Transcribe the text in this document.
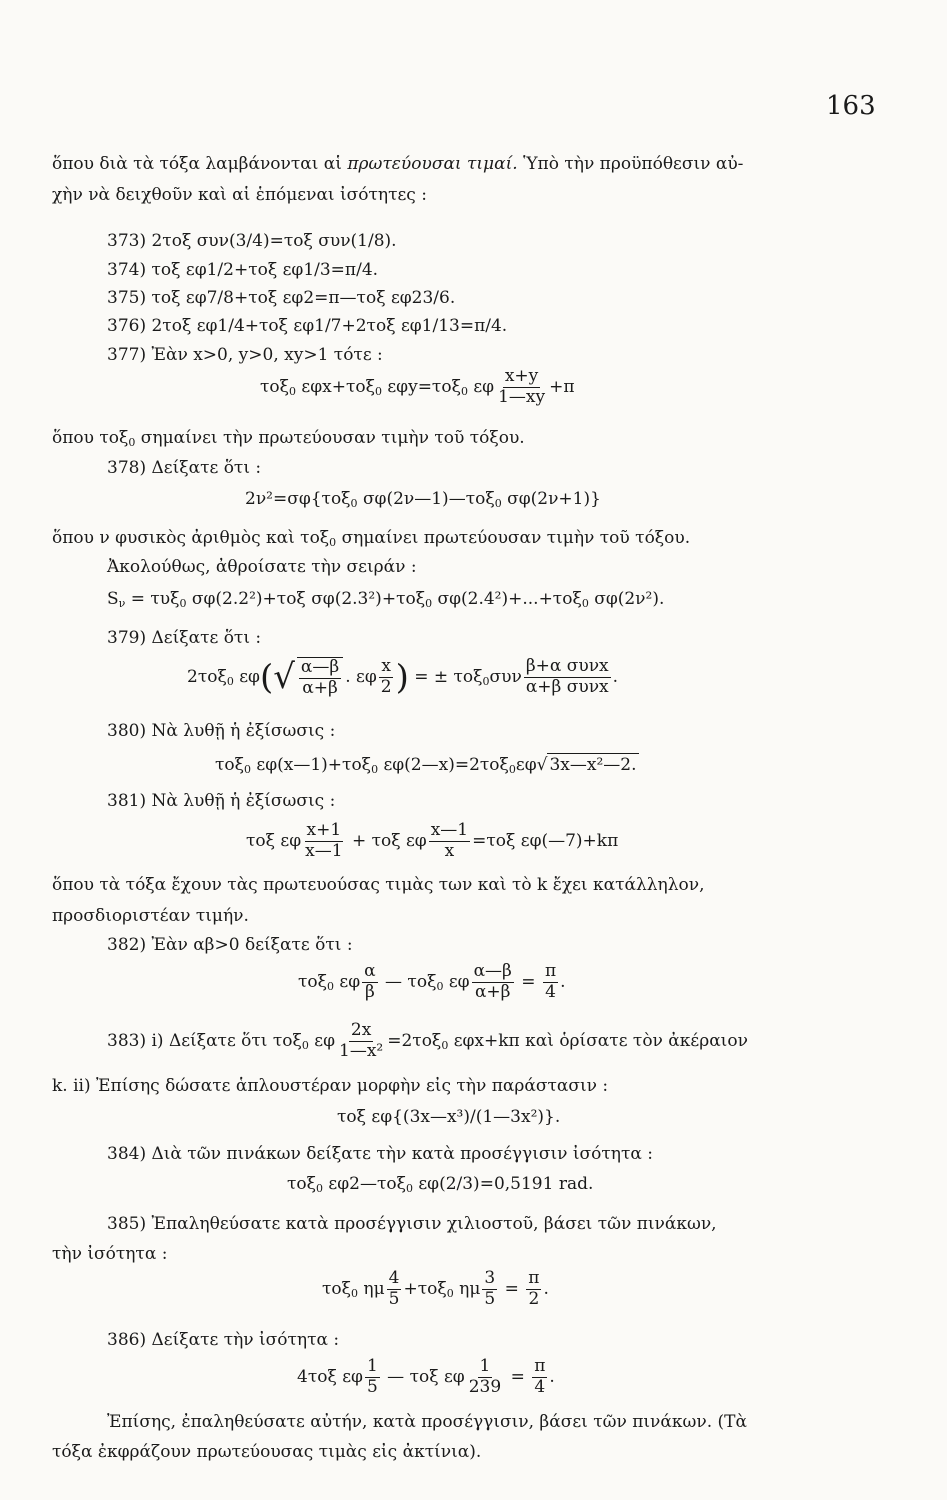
163
ὅπου διὰ τὰ τόξα λαμβάνονται αἱ πρωτεύουσαι τιμαί. Ὑπὸ τὴν προϋπόθεσιν αὐ-
χὴν νὰ δειχθοῦν καὶ αἱ ἑπόμεναι ἰσότητες :
373) 2τοξ συν(3/4)=τοξ συν(1/8).
374) τοξ εφ1/2+τοξ εφ1/3=π/4.
375) τοξ εφ7/8+τοξ εφ2=π—τοξ εφ23/6.
376) 2τοξ εφ1/4+τοξ εφ1/7+2τοξ εφ1/13=π/4.
377) Ἐὰν x>0, y>0, xy>1 τότε :
τοξ$_0$ εφx+τοξ$_0$ εφy=τοξ$_0$ εφ $\frac{x+y}{1—xy} +\pi$
ὅπου τοξ$_0$ σημαίνει τὴν πρωτεύουσαν τιμὴν τοῦ τόξου.
378) Δείξατε ὅτι :
2ν²=σφ{τοξ$_0$ σφ(2ν—1)—τοξ$_0$ σφ(2ν+1)}
ὅπου ν φυσικὸς ἀριθμὸς καὶ τοξ$_0$ σημαίνει πρωτεύουσαν τιμὴν τοῦ τόξου.
Ἀκολούθως, ἀθροίσατε τὴν σειράν :
$S_\nu = \tau\upsilon\xi_0$ σφ(2.2²)+τοξ σφ(2.3²)+τοξ$_0$ σφ(2.4²)+...+τοξ$_0$ σφ(2ν²).
379) Δείξατε ὅτι :
2τοξ$_0$ εφ( √ $\frac{\alpha—\beta}{\alpha+\beta}$ . εφ $\frac{x}{2}$ ) = ± $\tau o\xi_0\sigma\upsilon\nu \frac{\text{β+α συνx}}{\text{α+β συνx}}$ .
380) Νὰ λυθῇ ἡ ἐξίσωσις :
τοξ$_0$ εφ(x—1)+τοξ$_0$ εφ(2—x)=2τοξ$_0$εφ√ 3x—x²—2.
381) Νὰ λυθῇ ἡ ἐξίσωσις :
τοξ εφ $\frac{x+1}{x—1} + \tau o\xi$ εφ $\frac{x—1}{x} =\tau o\xi$ εφ(—7)+kπ
ὅπου τὰ τόξα ἔχουν τὰς πρωτευούσας τιμὰς των καὶ τὸ k ἔχει κατάλληλον,
προσδιοριστέαν τιμήν.
382) Ἐὰν αβ>0 δείξατε ὅτι :
τοξ$_0$ εφ $\frac{\alpha}{\beta}$ — τοξ$_0$ εφ $\frac{\alpha—\beta}{\alpha+\beta} = \frac{\pi}{4}$ .
383) i) Δείξατε ὅτι τοξ$_0$ εφ $\frac{2x}{\text{1—x²}} =2\tau o\xi_0$ εφx+kπ καὶ ὁρίσατε τὸν ἀκέραιον
k. ii) Ἐπίσης δώσατε ἁπλουστέραν μορφὴν εἰς τὴν παράστασιν :
τοξ εφ{(3x—x³)/(1—3x²)}.
384) Διὰ τῶν πινάκων δείξατε τὴν κατὰ προσέγγισιν ἰσότητα :
τοξ$_0$ εφ2—τοξ$_0$ εφ(2/3)=0,5191 rad.
385) Ἐπαληθεύσατε κατὰ προσέγγισιν χιλιοστοῦ, βάσει τῶν πινάκων,
τὴν ἰσότητα :
τοξ$_0$ ημ $\frac{4}{5} +\tau o\xi_0$ ημ $\frac{3}{5} = \frac{\pi}{2}$ .
386) Δείξατε τὴν ἰσότητα :
4τοξ εφ $\frac{1}{5}$ — τοξ εφ $\frac{1}{239} = \frac{\pi}{4}$ .
Ἐπίσης, ἐπαληθεύσατε αὐτήν, κατὰ προσέγγισιν, βάσει τῶν πινάκων. (Τὰ
τόξα ἐκφράζουν πρωτεύουσας τιμὰς εἰς ἀκτίνια).
